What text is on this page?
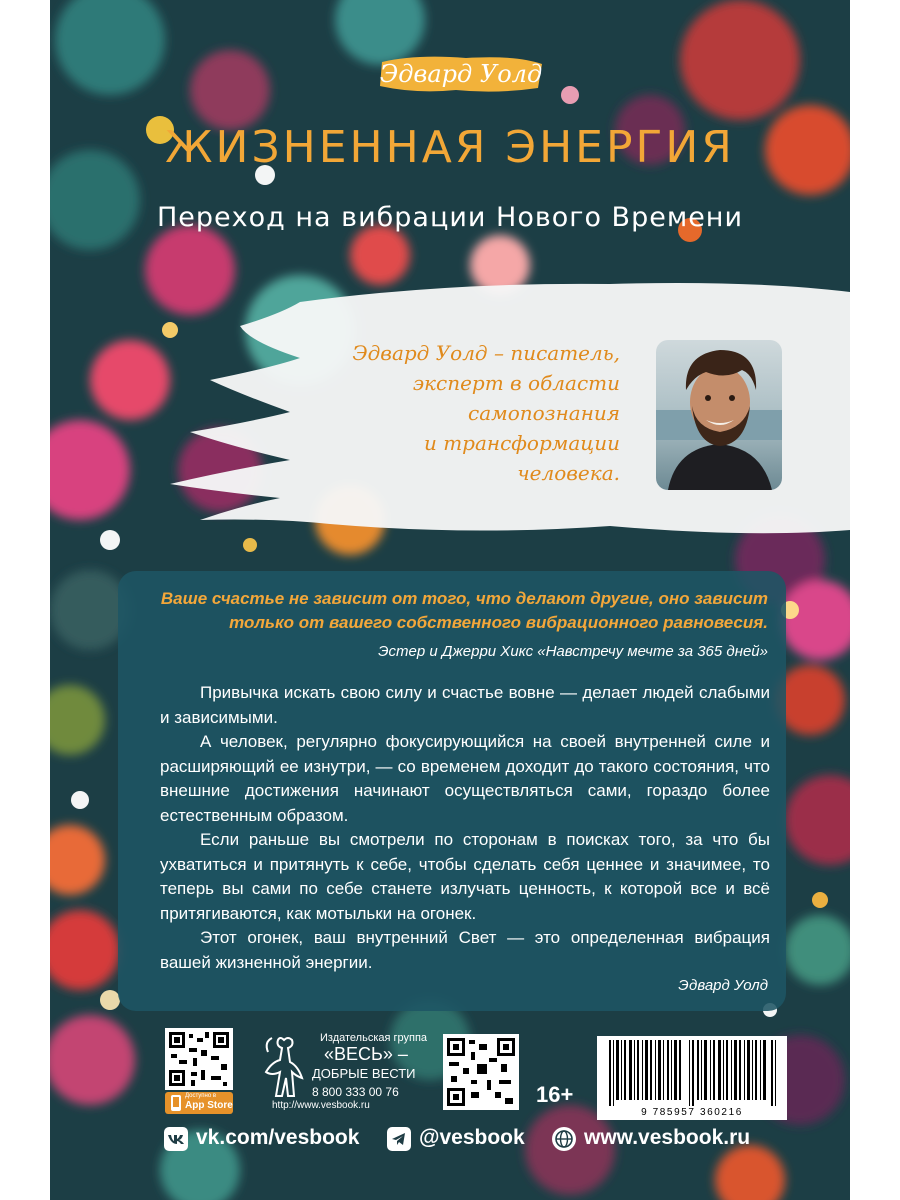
Эдвард Уолд
ЖИЗНЕННАЯ ЭНЕРГИЯ
Переход на вибрации Нового Времени
Эдвард Уолд – писатель,
эксперт в области
самопознания
и трансформации
человека.
Ваше счастье не зависит от того, что делают другие, оно зависит
только от вашего собственного вибрационного равновесия.
Эстер и Джерри Хикс «Навстречу мечте за 365 дней»

Привычка искать свою силу и счастье вовне — делает людей слабыми и зависимыми.

А человек, регулярно фокусирующийся на своей внутренней силе и расширяющий ее изнутри, — со временем доходит до такого состояния, что внешние достижения начинают осуществляться сами, гораздо более естественным образом.

Если раньше вы смотрели по сторонам в поисках того, за что бы ухватиться и притянуть к себе, чтобы сделать себя ценнее и значимее, то теперь вы сами по себе станете излучать ценность, к которой все и всё притягиваются, как мотыльки на огонек.

Этот огонек, ваш внутренний Свет — это определенная вибрация вашей жизненной энергии.

Эдвард Уолд
Доступно в
App Store
Издательская группа
«ВЕСЬ» –
ДОБРЫЕ ВЕСТИ
8 800 333 00 76
http://www.vesbook.ru	16+
9 785957 360216
vk.com/vesbook	@vesbook	www.vesbook.ru
